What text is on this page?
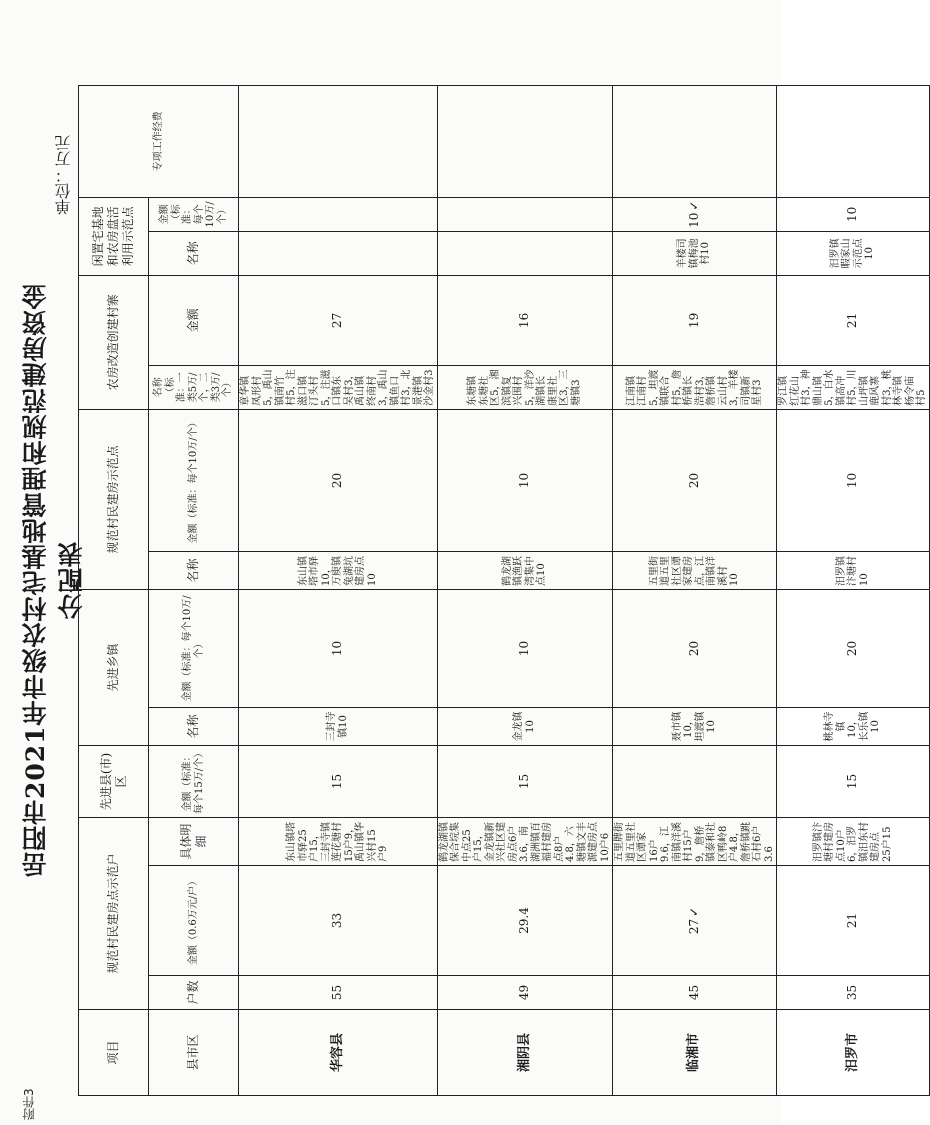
附件3
岳阳市2021年市级农村宅基地管理和规范建房资金分配表
单位：万元
项目	规范村民建房点示范户			先进县(市)区	先进乡镇		规范村民建房示范点		农房改造创建村寨		闲置宅基地和农房盘活利用示范点		专项工作经费	
县市区	户数	金额（0.6万元/户）	具体明细	金额（标准：每个15万/个）	名称	金额（标准：每个10万/个）	名称	金额（标准：每个10万/个）	名称（标准：一类5万/个，二类3万/个）	金额	名称	金额（标准：每个10万/个）		
华容县	55	33	东山镇塔市驿25户15，三封寺镇莲花塘村15户9，禹山镇华兴村15户9	15	三封寺镇10	10	东山镇塔市驿10，万庾镇兔湖坑建房点10	20	章华镇凤形村5，禹山镇南竹村5，注滋口镇汀头村5，注滋口镇东吴村3，禹山镇终南村3，禹山镇鱼口村3，北景港镇沙金村3	27				
湘阴县	49	29.4	鹤龙湖镇保合垸集中点25户15，金龙镇新兴社区建房点6户3.6，南湖洲镇百福村建房点8户4.8，六塘镇文丰源建房点10户6	15	金龙镇10	10	鹤龙湖镇渔跃湾集中点10	10	东塘镇东塘社区5，湘滨镇复兴围村5，洋沙湖镇长康里社区3，三塘镇3	16				
临湘市	45	27✓	五里牌街道五里社区谭家16户9.6，江南镇洋溪村15户9，詹桥镇泰和社区鸭岭8户4.8，詹桥镇跳石村6户3.6		聂市镇10，坦渡镇10	20	五里街道五里社区谭家建房点，江南镇洋溪村10	20	江南镇江南村5，坦渡镇联合村5，詹桥镇长浩村3，詹桥镇云山村3，羊楼司镇新星村3	19	羊楼司镇梅池村10	10✓		
汨罗市	35	21	汨罗镇汴塘村建房点10户6，汨罗镇汨东村建房点25户15	15	桃林寺镇10，长乐镇10	20	汨罗镇汴塘村10	10	罗江镇红花山村3，神鼎山镇5，白水镇高冲村5，川山坪镇鹿风寨村3，桃林寺镇杨令庙村5	21	汨罗镇暇家山示范点10	10		
